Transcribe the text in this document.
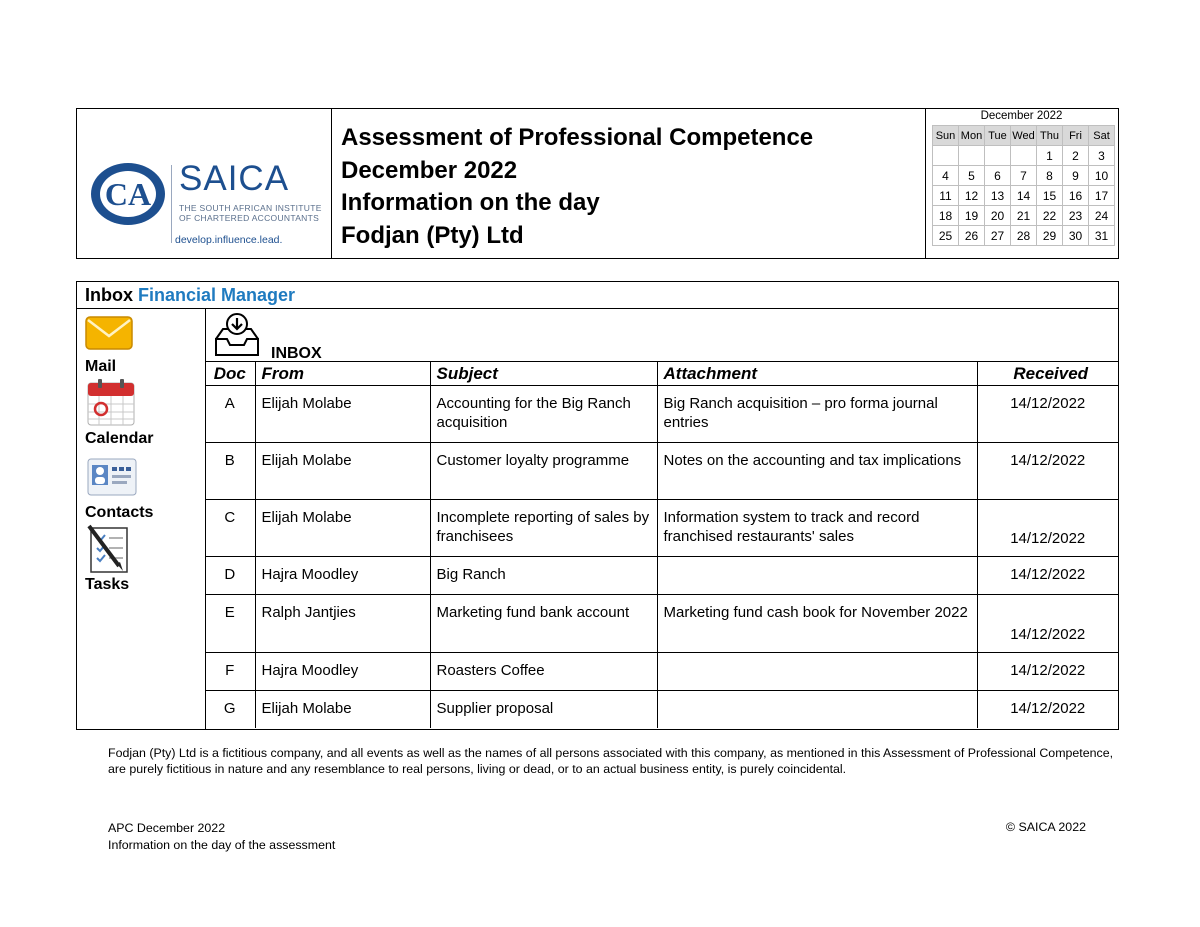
CA SAICA
THE SOUTH AFRICAN INSTITUTE OF CHARTERED ACCOUNTANTS
develop.influence.lead.
Assessment of Professional Competence
December 2022
Information on the day
Fodjan (Pty) Ltd
December 2022
Sun	Mon	Tue	Wed	Thu	Fri	Sat
				1	2	3
4	5	6	7	8	9	10
11	12	13	14	15	16	17
18	19	20	21	22	23	24
25	26	27	28	29	30	31
Inbox Financial Manager
Mail
Calendar
Contacts
Tasks
INBOX
Doc	From	Subject	Attachment	Received
A	Elijah Molabe	Accounting for the Big Ranch acquisition	Big Ranch acquisition – pro forma journal entries	14/12/2022
B	Elijah Molabe	Customer loyalty programme	Notes on the accounting and tax implications	14/12/2022
C	Elijah Molabe	Incomplete reporting of sales by franchisees	Information system to track and record franchised restaurants' sales	14/12/2022
D	Hajra Moodley	Big Ranch		14/12/2022
E	Ralph Jantjies	Marketing fund bank account	Marketing fund cash book for November 2022	14/12/2022
F	Hajra Moodley	Roasters Coffee		14/12/2022
G	Elijah Molabe	Supplier proposal		14/12/2022
Fodjan (Pty) Ltd is a fictitious company, and all events as well as the names of all persons associated with this company, as mentioned in this Assessment of Professional Competence, are purely fictitious in nature and any resemblance to real persons, living or dead, or to an actual business entity, is purely coincidental.
APC December 2022
Information on the day of the assessment
© SAICA 2022
